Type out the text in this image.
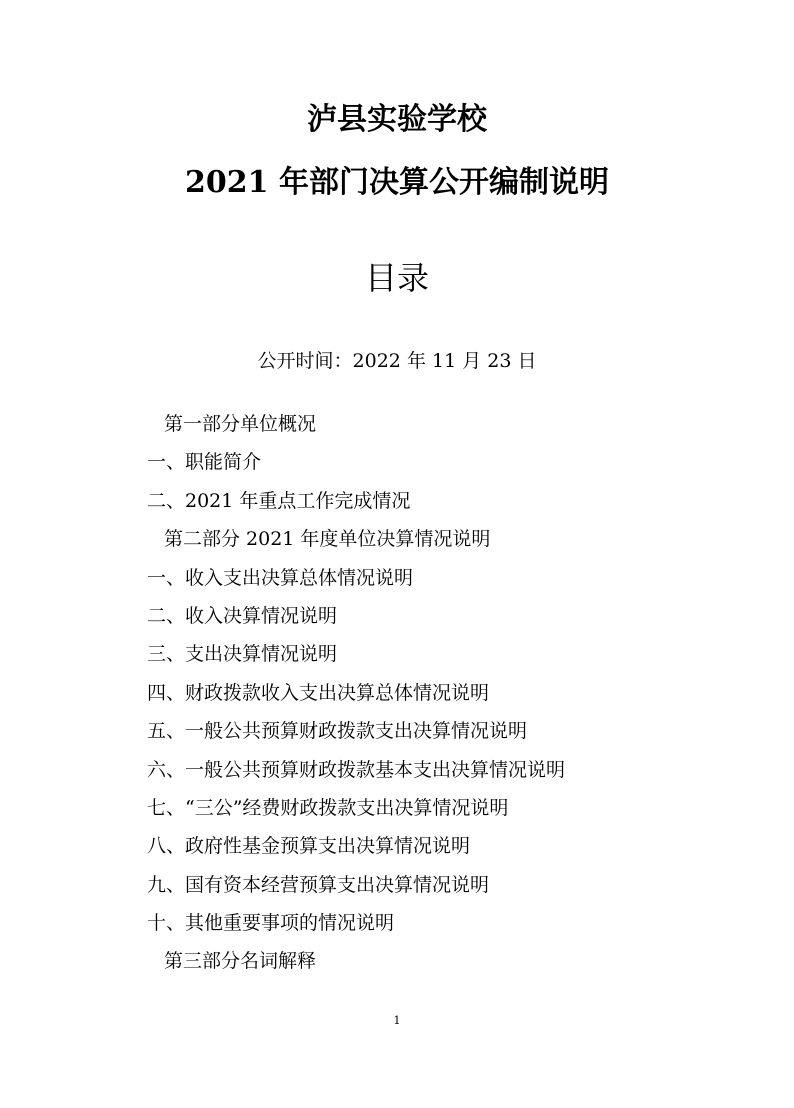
泸县实验学校
2021 年部门决算公开编制说明
目录
公开时间：2022 年 11 月 23 日
第一部分单位概况
一、职能简介
二、2021 年重点工作完成情况
第二部分 2021 年度单位决算情况说明
一、收入支出决算总体情况说明
二、收入决算情况说明
三、支出决算情况说明
四、财政拨款收入支出决算总体情况说明
五、一般公共预算财政拨款支出决算情况说明
六、一般公共预算财政拨款基本支出决算情况说明
七、“三公”经费财政拨款支出决算情况说明
八、政府性基金预算支出决算情况说明
九、国有资本经营预算支出决算情况说明
十、其他重要事项的情况说明
第三部分名词解释
1
